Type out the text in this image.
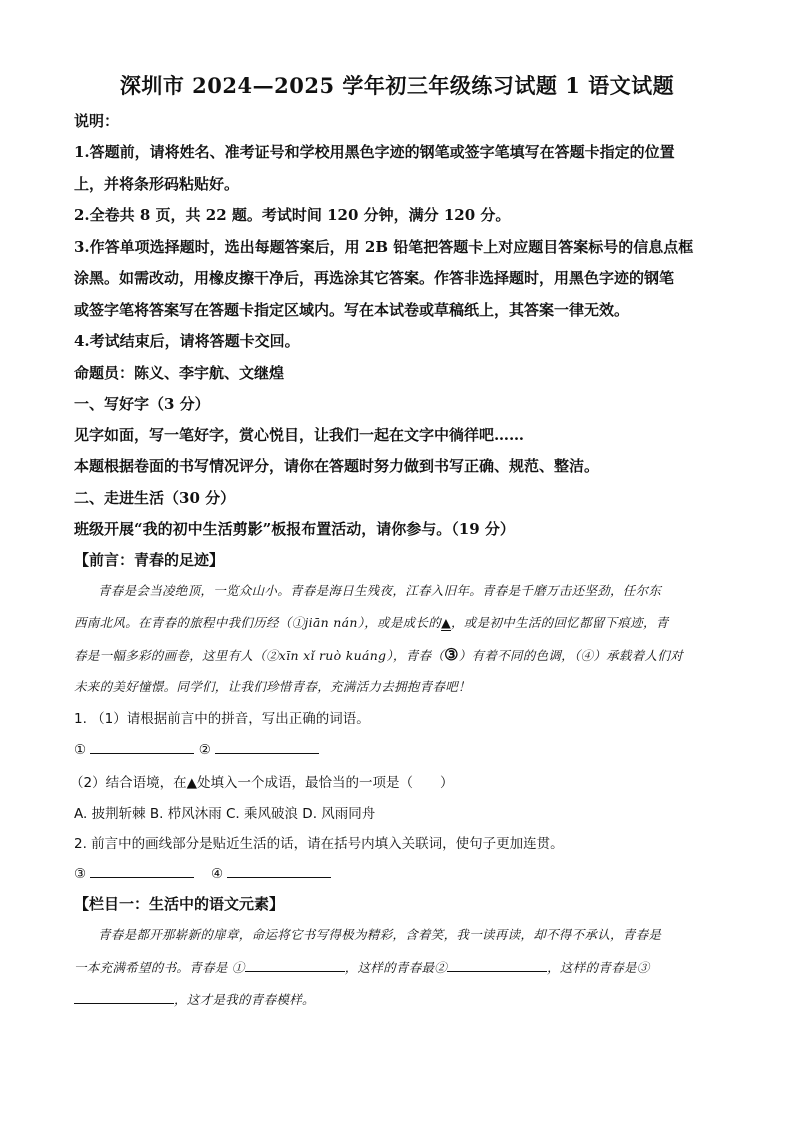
深圳市 2024—2025 学年初三年级练习试题 1 语文试题
说明：
1.答题前，请将姓名、准考证号和学校用黑色字迹的钢笔或签字笔填写在答题卡指定的位置
上，并将条形码粘贴好。
2.全卷共 8 页，共 22 题。考试时间 120 分钟，满分 120 分。
3.作答单项选择题时，选出每题答案后，用 2B 铅笔把答题卡上对应题目答案标号的信息点框
涂黑。如需改动，用橡皮擦干净后，再选涂其它答案。作答非选择题时，用黑色字迹的钢笔
或签字笔将答案写在答题卡指定区域内。写在本试卷或草稿纸上，其答案一律无效。
4.考试结束后，请将答题卡交回。
命题员：陈义、李宇航、文继煌
一、写好字（3 分）
见字如面，写一笔好字，赏心悦目，让我们一起在文字中徜徉吧……
本题根据卷面的书写情况评分，请你在答题时努力做到书写正确、规范、整洁。
二、走进生活（30 分）
班级开展“我的初中生活剪影”板报布置活动，请你参与。（19 分）
【前言：青春的足迹】
青春是会当凌绝顶，一览众山小。青春是海日生残夜，江春入旧年。青春是千磨万击还坚劲，任尔东
西南北风。在青春的旅程中我们历经（①jiān nán），或是成长的▲，或是初中生活的回忆都留下痕迹，青
春是一幅多彩的画卷，这里有人（②xīn xǐ ruò kuáng），青春（③）有着不同的色调，（④）承载着人们对
未来的美好憧憬。同学们，让我们珍惜青春，充满活力去拥抱青春吧！
1. （1）请根据前言中的拼音，写出正确的词语。
①	②
（2）结合语境，在▲处填入一个成语，最恰当的一项是（　　）
A. 披荆斩棘 B. 栉风沐雨 C. 乘风破浪 D. 风雨同舟
2. 前言中的画线部分是贴近生活的话，请在括号内填入关联词，使句子更加连贯。
③	④
【栏目一：生活中的语文元素】
青春是都开那崭新的扉章，命运将它书写得极为精彩，含着笑，我一读再读，却不得不承认，青春是
一本充满希望的书。青春是 ①	，这样的青春最②	，这样的青春是③
，这才是我的青春模样。
